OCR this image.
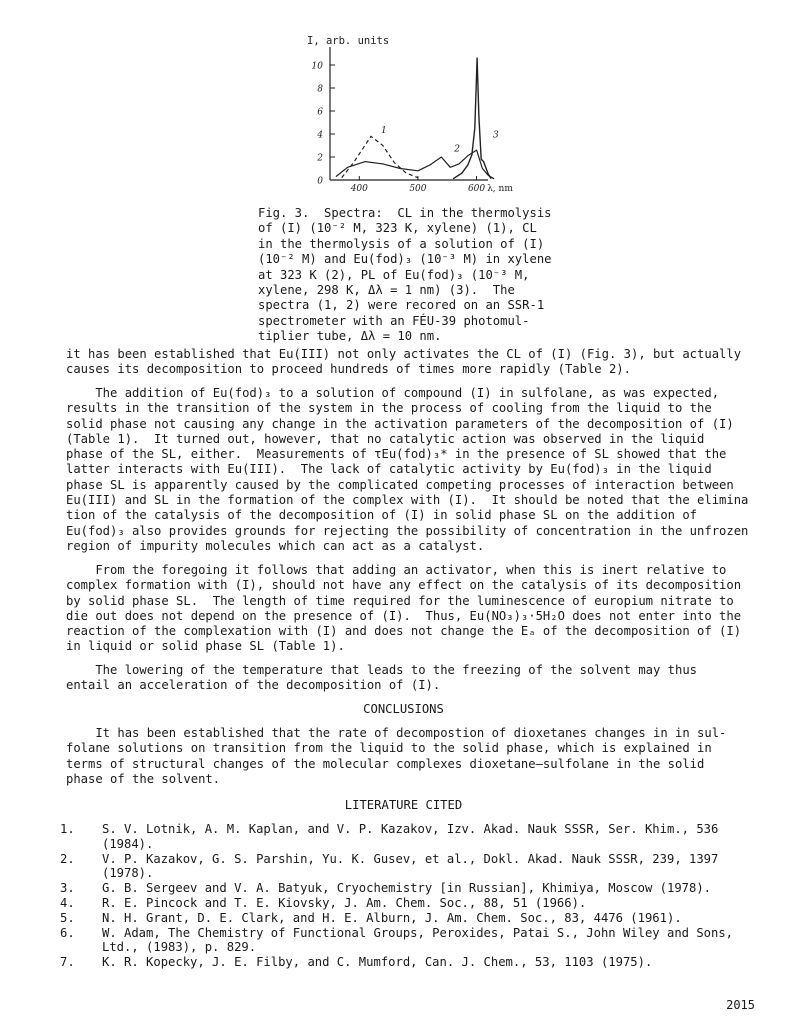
I, arb. units
10
8
6
4
2
0
400	500	600 λ, nm
1
2
3
Fig. 3.  Spectra:  CL in the thermolysis
of (I) (10⁻² M, 323 K, xylene) (1), CL
in the thermolysis of a solution of (I)
(10⁻² M) and Eu(fod)₃ (10⁻³ M) in xylene
at 323 K (2), PL of Eu(fod)₃ (10⁻³ M,
xylene, 298 K, Δλ = 1 nm) (3).  The
spectra (1, 2) were recored on an SSR-1
spectrometer with an FÉU-39 photomul-
tiplier tube, Δλ = 10 nm.

it has been established that Eu(III) not only activates the CL of (I) (Fig. 3), but actually

causes its decomposition to proceed hundreds of times more rapidly (Table 2).

The addition of Eu(fod)₃ to a solution of compound (I) in sulfolane, as was expected,

results in the transition of the system in the process of cooling from the liquid to the

solid phase not causing any change in the activation parameters of the decomposition of (I)

(Table 1).  It turned out, however, that no catalytic action was observed in the liquid

phase of the SL, either.  Measurements of τEu(fod)₃* in the presence of SL showed that the

latter interacts with Eu(III).  The lack of catalytic activity by Eu(fod)₃ in the liquid

phase SL is apparently caused by the complicated competing processes of interaction between

Eu(III) and SL in the formation of the complex with (I).  It should be noted that the elimina

tion of the catalysis of the decomposition of (I) in solid phase SL on the addition of

Eu(fod)₃ also provides grounds for rejecting the possibility of concentration in the unfrozen

region of impurity molecules which can act as a catalyst.

From the foregoing it follows that adding an activator, when this is inert relative to

complex formation with (I), should not have any effect on the catalysis of its decomposition

by solid phase SL.  The length of time required for the luminescence of europium nitrate to

die out does not depend on the presence of (I).  Thus, Eu(NO₃)₃·5H₂O does not enter into the

reaction of the complexation with (I) and does not change the Eₐ of the decomposition of (I)

in liquid or solid phase SL (Table 1).

The lowering of the temperature that leads to the freezing of the solvent may thus

entail an acceleration of the decomposition of (I).

CONCLUSIONS

It has been established that the rate of decompostion of dioxetanes changes in in sul-

folane solutions on transition from the liquid to the solid phase, which is explained in

terms of structural changes of the molecular complexes dioxetane—sulfolane in the solid

phase of the solvent.

LITERATURE CITED
1.	S. V. Lotnik, A. M. Kaplan, and V. P. Kazakov, Izv. Akad. Nauk SSSR, Ser. Khim., 536
(1984).
2.	V. P. Kazakov, G. S. Parshin, Yu. K. Gusev, et al., Dokl. Akad. Nauk SSSR, 239, 1397
(1978).
3.	G. B. Sergeev and V. A. Batyuk, Cryochemistry [in Russian], Khimiya, Moscow (1978).
4.	R. E. Pincock and T. E. Kiovsky, J. Am. Chem. Soc., 88, 51 (1966).
5.	N. H. Grant, D. E. Clark, and H. E. Alburn, J. Am. Chem. Soc., 83, 4476 (1961).
6.	W. Adam, The Chemistry of Functional Groups, Peroxides, Patai S., John Wiley and Sons,
Ltd., (1983), p. 829.
7.	K. R. Kopecky, J. E. Filby, and C. Mumford, Can. J. Chem., 53, 1103 (1975).
2015
